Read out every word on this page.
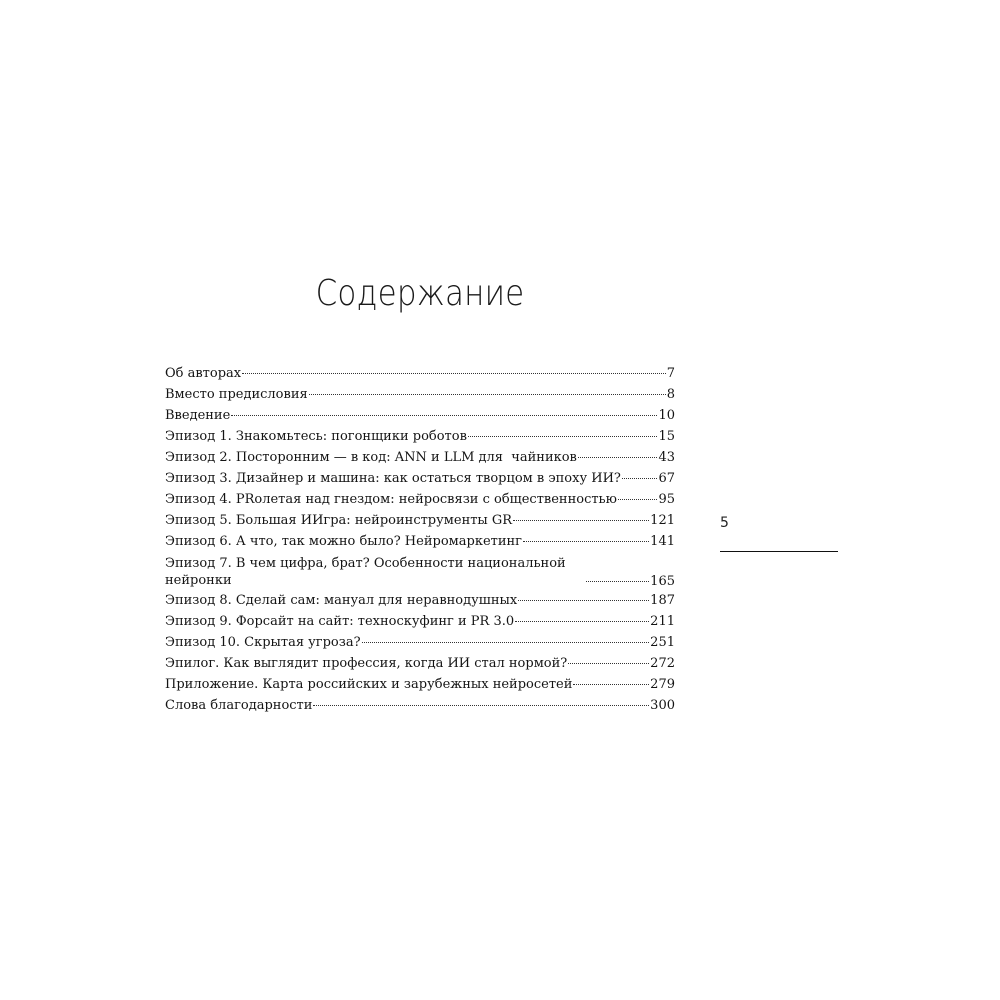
Содержание
Об авторах	7
Вместо предисловия	8
Введение	10
Эпизод 1. Знакомьтесь: погонщики роботов	15
Эпизод 2. Посторонним — в код: ANN и LLM для  чайников	43
Эпизод 3. Дизайнер и машина: как остаться творцом в эпоху ИИ?	67
Эпизод 4. PRолетая над гнездом: нейросвязи с общественностью	95
Эпизод 5. Большая ИИгра: нейроинструменты GR	121
Эпизод 6. А что, так можно было? Нейромаркетинг	141
Эпизод 7. В чем цифра, брат? Особенности национальной нейронки	165
Эпизод 8. Сделай сам: мануал для неравнодушных	187
Эпизод 9. Форсайт на сайт: техноскуфинг и PR 3.0	211
Эпизод 10. Скрытая угроза?	251
Эпилог. Как выглядит профессия, когда ИИ стал нормой?	272
Приложение. Карта российских и зарубежных нейросетей	279
Слова благодарности	300
5
